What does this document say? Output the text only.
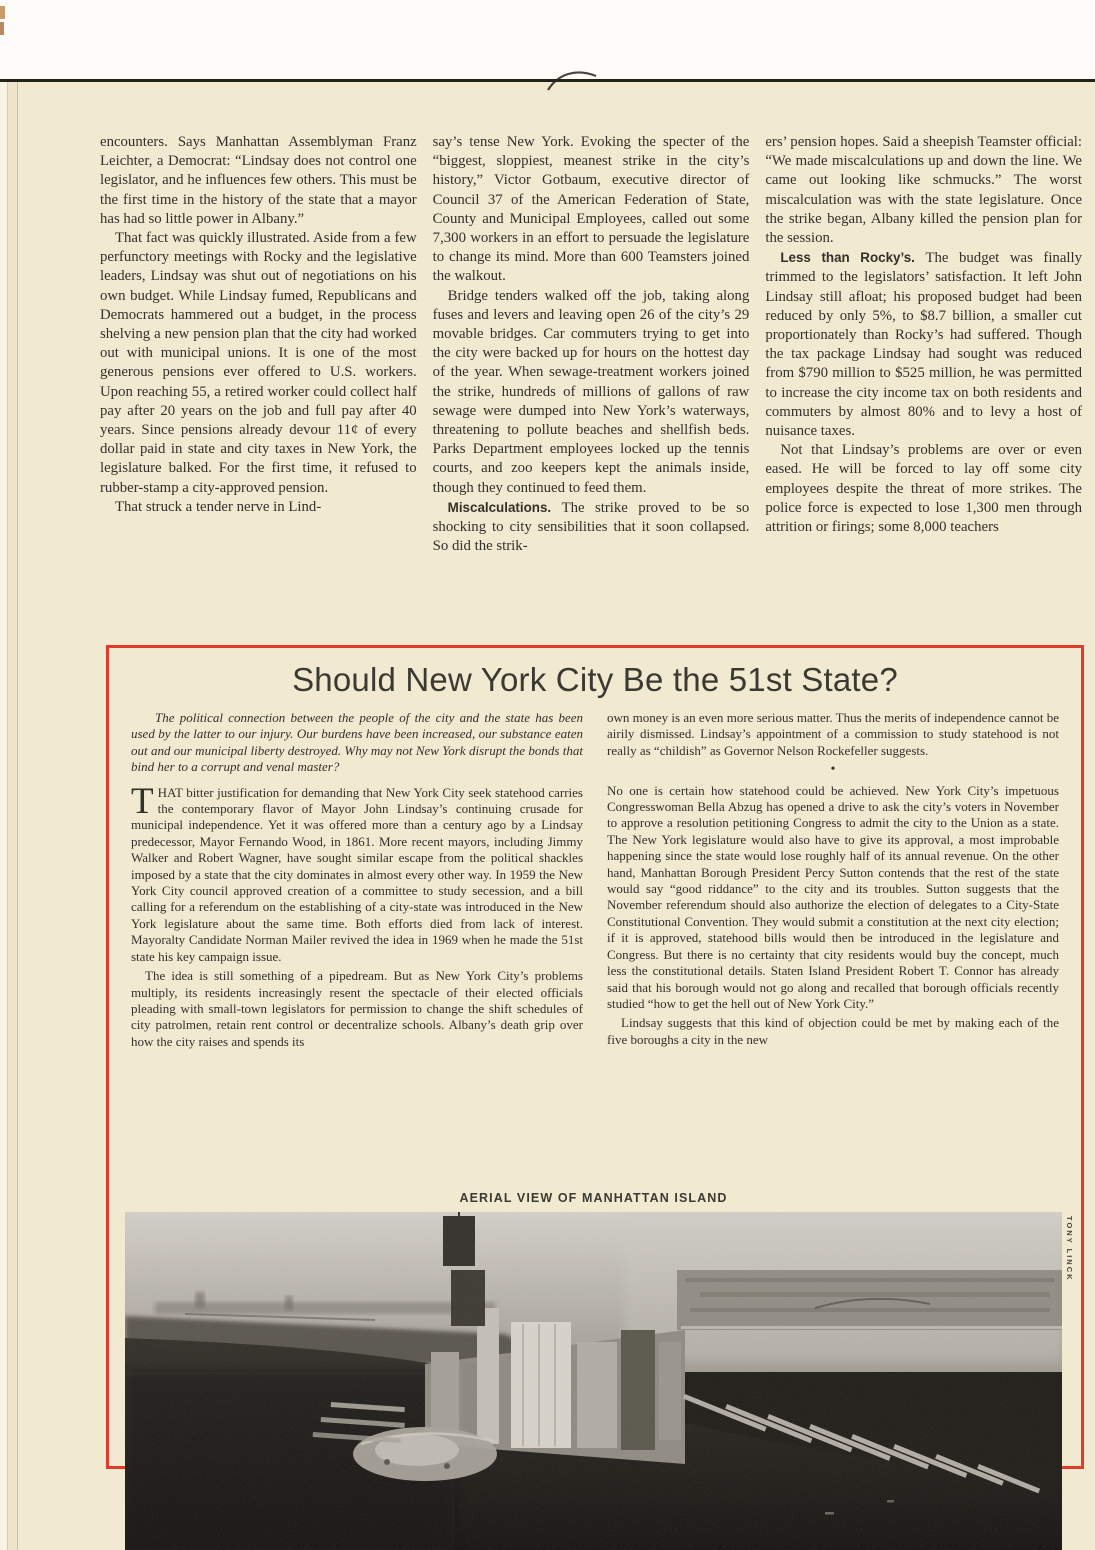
encounters. Says Manhattan Assemblyman Franz Leichter, a Democrat: “Lindsay does not control one legislator, and he influences few others. This must be the first time in the history of the state that a mayor has had so little power in Albany.”

That fact was quickly illustrated. Aside from a few perfunctory meetings with Rocky and the legislative leaders, Lindsay was shut out of negotiations on his own budget. While Lindsay fumed, Republicans and Democrats hammered out a budget, in the process shelving a new pension plan that the city had worked out with municipal unions. It is one of the most generous pensions ever offered to U.S. workers. Upon reaching 55, a retired worker could collect half pay after 20 years on the job and full pay after 40 years. Since pensions already devour 11¢ of every dollar paid in state and city taxes in New York, the legislature balked. For the first time, it refused to rubber-stamp a city-approved pension.

That struck a tender nerve in Lind-

say’s tense New York. Evoking the specter of the “biggest, sloppiest, meanest strike in the city’s history,” Victor Gotbaum, executive director of Council 37 of the American Federation of State, County and Municipal Employees, called out some 7,300 workers in an effort to persuade the legislature to change its mind. More than 600 Teamsters joined the walkout.

Bridge tenders walked off the job, taking along fuses and levers and leaving open 26 of the city’s 29 movable bridges. Car commuters trying to get into the city were backed up for hours on the hottest day of the year. When sewage-treatment workers joined the strike, hundreds of millions of gallons of raw sewage were dumped into New York’s waterways, threatening to pollute beaches and shellfish beds. Parks Department employees locked up the tennis courts, and zoo keepers kept the animals inside, though they continued to feed them.

Miscalculations. The strike proved to be so shocking to city sensibilities that it soon collapsed. So did the strik-

ers’ pension hopes. Said a sheepish Teamster official: “We made miscalculations up and down the line. We came out looking like schmucks.” The worst miscalculation was with the state legislature. Once the strike began, Albany killed the pension plan for the session.

Less than Rocky’s. The budget was finally trimmed to the legislators’ satisfaction. It left John Lindsay still afloat; his proposed budget had been reduced by only 5%, to $8.7 billion, a smaller cut proportionately than Rocky’s had suffered. Though the tax package Lindsay had sought was reduced from $790 million to $525 million, he was permitted to increase the city income tax on both residents and commuters by almost 80% and to levy a host of nuisance taxes.

Not that Lindsay’s problems are over or even eased. He will be forced to lay off some city employees despite the threat of more strikes. The police force is expected to lose 1,300 men through attrition or firings; some 8,000 teachers

Should New York City Be the 51st State?

The political connection between the people of the city and the state has been used by the latter to our injury. Our burdens have been increased, our substance eaten out and our municipal liberty destroyed. Why may not New York disrupt the bonds that bind her to a corrupt and venal master?

THAT bitter justification for demanding that New York City seek statehood carries the contemporary flavor of Mayor John Lindsay’s continuing crusade for municipal independence. Yet it was offered more than a century ago by a Lindsay predecessor, Mayor Fernando Wood, in 1861. More recent mayors, including Jimmy Walker and Robert Wagner, have sought similar escape from the political shackles imposed by a state that the city dominates in almost every other way. In 1959 the New York City council approved creation of a committee to study secession, and a bill calling for a referendum on the establishing of a city-state was introduced in the New York legislature about the same time. Both efforts died from lack of interest. Mayoralty Candidate Norman Mailer revived the idea in 1969 when he made the 51st state his key campaign issue.

The idea is still something of a pipedream. But as New York City’s problems multiply, its residents increasingly resent the spectacle of their elected officials pleading with small-town legislators for permission to change the shift schedules of city patrolmen, retain rent control or decentralize schools. Albany’s death grip over how the city raises and spends its

own money is an even more serious matter. Thus the merits of independence cannot be airily dismissed. Lindsay’s appointment of a commission to study statehood is not really as “childish” as Governor Nelson Rockefeller suggests.

•

No one is certain how statehood could be achieved. New York City’s impetuous Congresswoman Bella Abzug has opened a drive to ask the city’s voters in November to approve a resolution petitioning Congress to admit the city to the Union as a state. The New York legislature would also have to give its approval, a most improbable happening since the state would lose roughly half of its annual revenue. On the other hand, Manhattan Borough President Percy Sutton contends that the rest of the state would say “good riddance” to the city and its troubles. Sutton suggests that the November referendum should also authorize the election of delegates to a City-State Constitutional Convention. They would submit a constitution at the next city election; if it is approved, statehood bills would then be introduced in the legislature and Congress. But there is no certainty that city residents would buy the concept, much less the constitutional details. Staten Island President Robert T. Connor has already said that his borough would not go along and recalled that borough officials recently studied “how to get the hell out of New York City.”

Lindsay suggests that this kind of objection could be met by making each of the five boroughs a city in the new

AERIAL VIEW OF MANHATTAN ISLAND
TONY LINCK
